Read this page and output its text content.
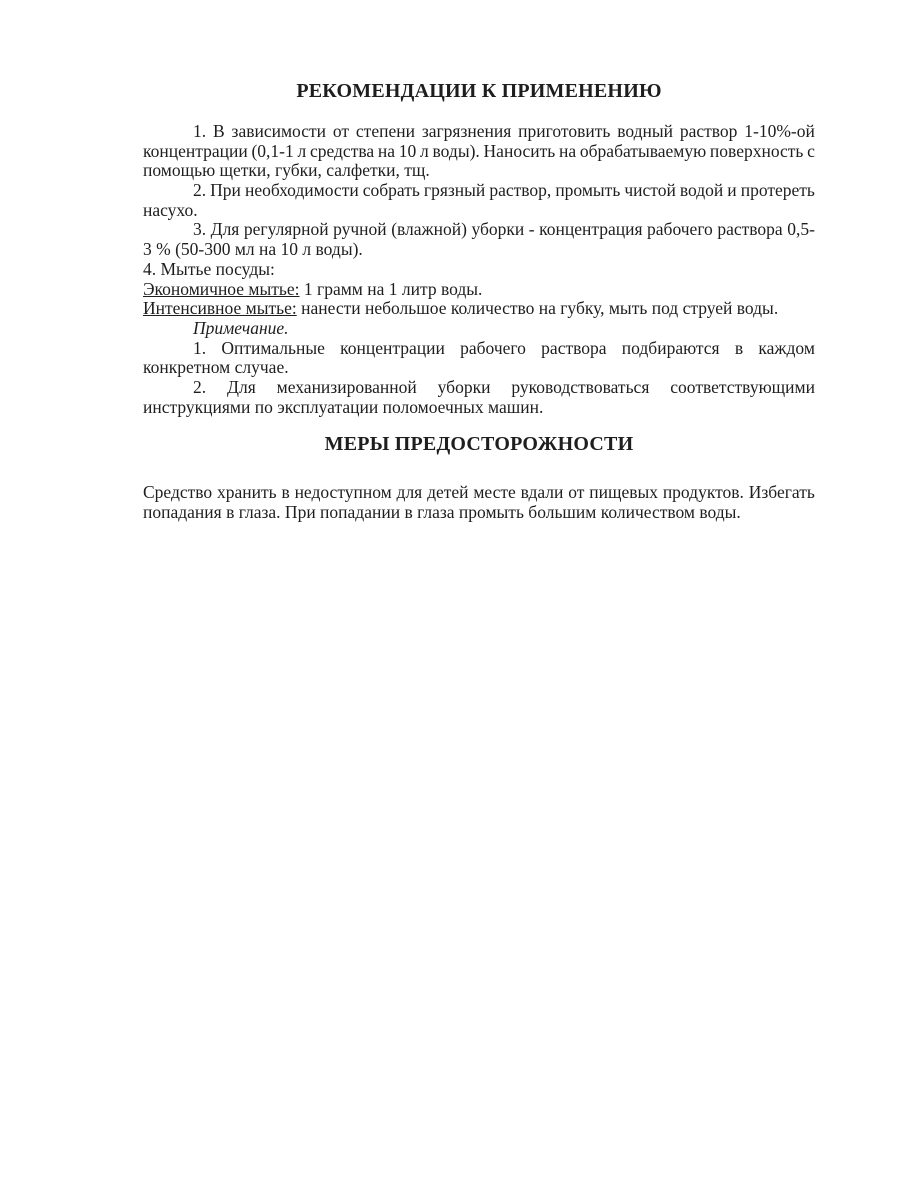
РЕКОМЕНДАЦИИ К ПРИМЕНЕНИЮ
1. В зависимости от степени загрязнения приготовить водный раствор 1-10%-ой
концентрации (0,1-1 л средства на 10 л воды). Наносить на обрабатываемую поверхность с
помощью щетки, губки, салфетки, тщ.
2. При необходимости собрать грязный раствор, промыть чистой водой и протереть
насухо.
3. Для регулярной ручной (влажной) уборки - концентрация рабочего раствора 0,5-
3 % (50-300 мл на 10 л воды).
4. Мытье посуды:
Экономичное мытье: 1 грамм на 1 литр воды.
Интенсивное мытье: нанести небольшое количество на губку, мыть под струей воды.
Примечание.
1. Оптимальные концентрации рабочего раствора подбираются в каждом
конкретном случае.
2. Для механизированной уборки руководствоваться соответствующими
инструкциями по эксплуатации поломоечных машин.
МЕРЫ ПРЕДОСТОРОЖНОСТИ
Средство хранить в недоступном для детей месте вдали от пищевых продуктов. Избегать
попадания в глаза. При попадании в глаза промыть большим количеством воды.
